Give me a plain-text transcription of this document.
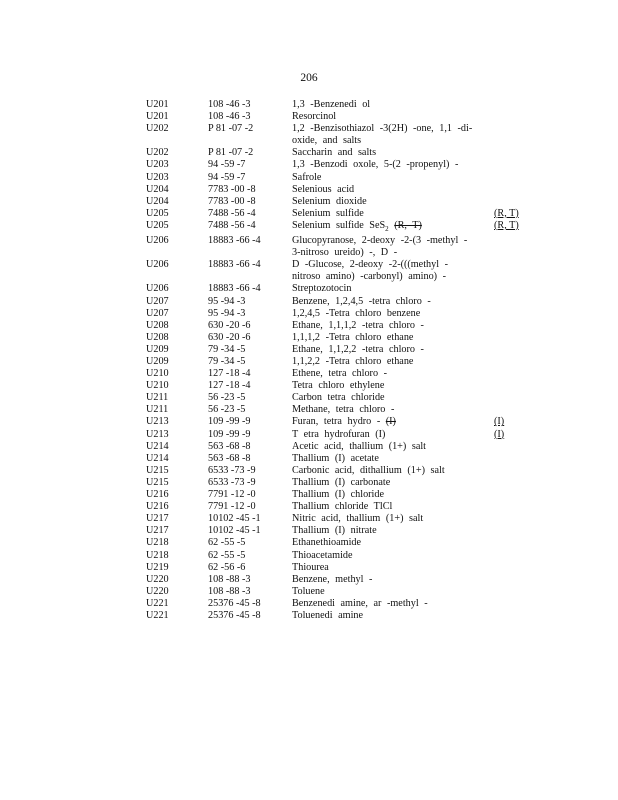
206
U201	108 -46 -3	1,3 -Benzenedi ol
U201	108 -46 -3	Resorcinol
U202	P 81 -07 -2	1,2 -Benzisothiazol -3(2H) -one, 1,1 -di-
oxide, and salts
U202	P 81 -07 -2	Saccharin and salts
U203	94 -59 -7	1,3 -Benzodi oxole, 5-(2 -propenyl) -
U203	94 -59 -7	Safrole
U204	7783 -00 -8	Selenious acid
U204	7783 -00 -8	Selenium dioxide
U205	7488 -56 -4	Selenium sulfide	(R, T)
U205	7488 -56 -4	Selenium sulfide SeS$_2$ (R, T)	(R, T)
U206	18883 -66 -4	Glucopyranose, 2-deoxy -2-(3 -methyl -
3-nitroso ureido) -, D -
U206	18883 -66 -4	D -Glucose, 2-deoxy -2-(((methyl -
nitroso amino) -carbonyl) amino) -
U206	18883 -66 -4	Streptozotocin
U207	95 -94 -3	Benzene, 1,2,4,5 -tetra chloro -
U207	95 -94 -3	1,2,4,5 -Tetra chloro benzene
U208	630 -20 -6	Ethane, 1,1,1,2 -tetra chloro -
U208	630 -20 -6	1,1,1,2 -Tetra chloro ethane
U209	79 -34 -5	Ethane, 1,1,2,2 -tetra chloro -
U209	79 -34 -5	1,1,2,2 -Tetra chloro ethane
U210	127 -18 -4	Ethene, tetra chloro -
U210	127 -18 -4	Tetra chloro ethylene
U211	56 -23 -5	Carbon tetra chloride
U211	56 -23 -5	Methane, tetra chloro -
U213	109 -99 -9	Furan, tetra hydro - (I)	(I)
U213	109 -99 -9	T etra hydrofuran (I)	(I)
U214	563 -68 -8	Acetic acid, thallium (1+) salt
U214	563 -68 -8	Thallium (I) acetate
U215	6533 -73 -9	Carbonic acid, dithallium (1+) salt
U215	6533 -73 -9	Thallium (I) carbonate
U216	7791 -12 -0	Thallium (I) chloride
U216	7791 -12 -0	Thallium chloride TlCl
U217	10102 -45 -1	Nitric acid, thallium (1+) salt
U217	10102 -45 -1	Thallium (I) nitrate
U218	62 -55 -5	Ethanethioamide
U218	62 -55 -5	Thioacetamide
U219	62 -56 -6	Thiourea
U220	108 -88 -3	Benzene, methyl -
U220	108 -88 -3	Toluene
U221	25376 -45 -8	Benzenedi amine, ar -methyl -
U221	25376 -45 -8	Toluenedi amine
